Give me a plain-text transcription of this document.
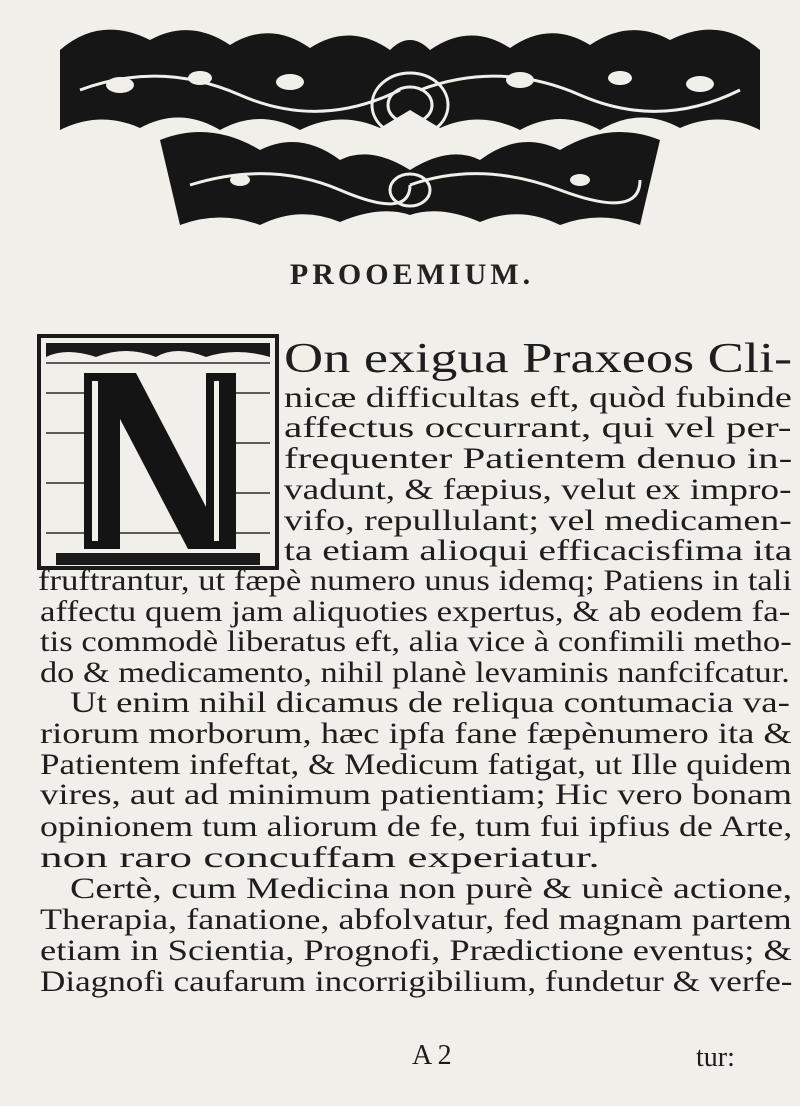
PROOEMIUM.
On exigua Praxeos Cli-
nicæ difficultas eft, quòd fubinde
affectus occurrant, qui vel per-
frequenter Patientem denuo in-
vadunt, & fæpius, velut ex impro-
vifo, repullulant; vel medicamen-
ta etiam alioqui efficacisfima ita
fruftrantur, ut fæpè numero unus idemq; Patiens in tali
affectu quem jam aliquoties expertus, & ab eodem fa-
tis commodè liberatus eft, alia vice à confimili metho-
do & medicamento, nihil planè levaminis nanfcifcatur.
Ut enim nihil dicamus de reliqua contumacia va-
riorum morborum, hæc ipfa fane fæpènumero ita &
Patientem infeftat, & Medicum fatigat, ut Ille quidem
vires, aut ad minimum patientiam; Hic vero bonam
opinionem tum aliorum de fe, tum fui ipfius de Arte,
non raro concuffam experiatur.
Certè, cum Medicina non purè & unicè actione,
Therapia, fanatione, abfolvatur, fed magnam partem
etiam in Scientia, Prognofi, Prædictione eventus; &
Diagnofi caufarum incorrigibilium, fundetur & verfe-
A 2	tur:
